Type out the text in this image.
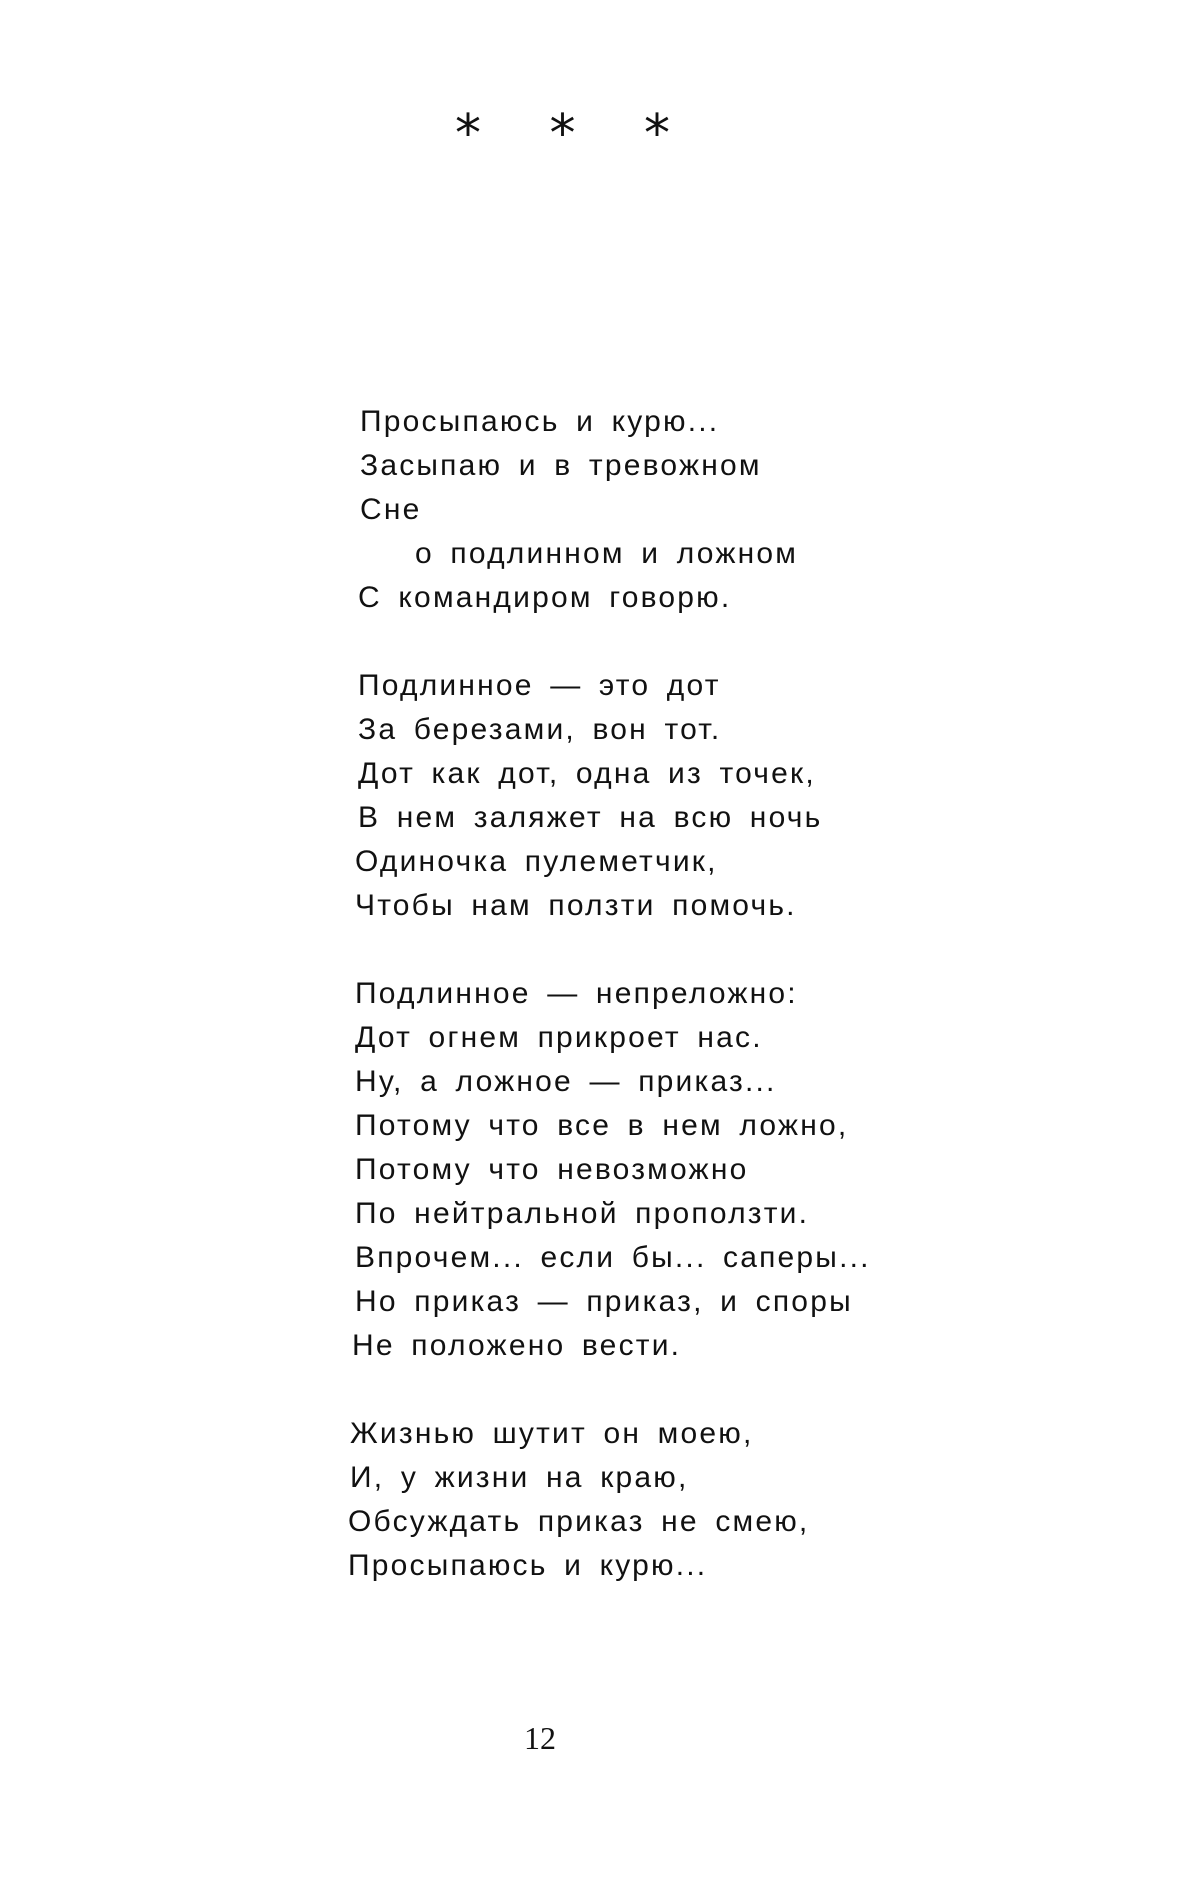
* * *
Просыпаюсь и курю...
Засыпаю и в тревожном
Сне
о подлинном и ложном
С командиром говорю.
Подлинное — это дот
За березами, вон тот.
Дот как дот, одна из точек,
В нем заляжет на всю ночь
Одиночка пулеметчик,
Чтобы нам ползти помочь.
Подлинное — непреложно:
Дот огнем прикроет нас.
Ну, а ложное — приказ...
Потому что все в нем ложно,
Потому что невозможно
По нейтральной проползти.
Впрочем... если бы... саперы...
Но приказ — приказ, и споры
Не положено вести.
Жизнью шутит он моею,
И, у жизни на краю,
Обсуждать приказ не смею,
Просыпаюсь и курю...
12
